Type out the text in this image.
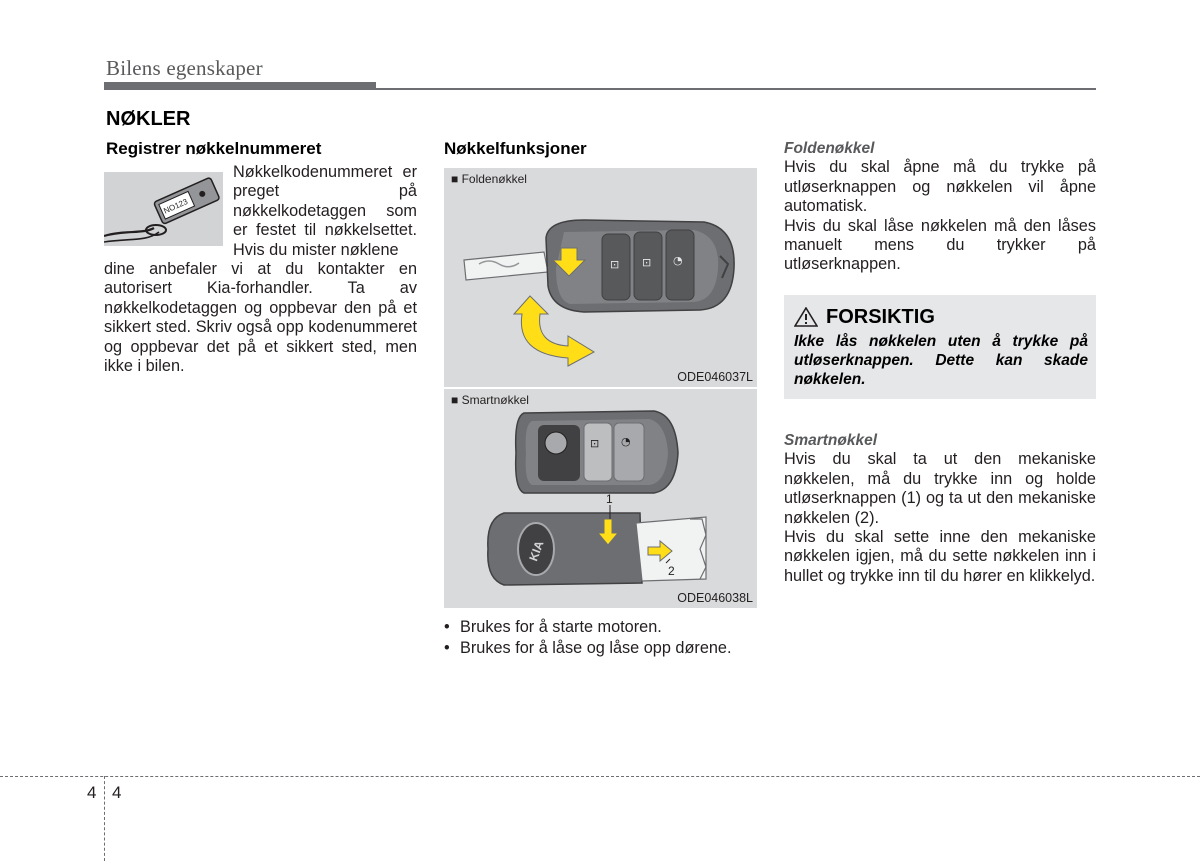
Bilens egenskaper
NØKLER
Registrer nøkkelnummeret
NO123
Nøkkelkodenummeret er preget på nøkkelkodetaggen som er festet til nøkkelsettet. Hvis du mister nøklene
dine anbefaler vi at du kontakter en autorisert Kia-forhandler. Ta av nøkkelkodetaggen og oppbevar den på et sikkert sted. Skriv også opp kodenummeret og oppbevar det på et sikkert sted, men ikke i bilen.
Nøkkelfunksjoner
■ Foldenøkkel
⊡ ⊡ ◔
ODE046037L
■ Smartnøkkel
⊡ ◔
KIA
1
2
ODE046038L
• Brukes for å starte motoren.
• Brukes for å låse og låse opp dørene.
Foldenøkkel
Hvis du skal åpne må du trykke på utløserknappen og nøkkelen vil åpne automatisk.
Hvis du skal låse nøkkelen må den låses manuelt mens du trykker på utløserknappen.
FORSIKTIG
Ikke lås nøkkelen uten å trykke på utløserknappen. Dette kan skade nøkkelen.
Smartnøkkel
Hvis du skal ta ut den mekaniske nøkkelen, må du trykke inn og holde utløserknappen (1) og ta ut den mekaniske nøkkelen (2).
Hvis du skal sette inne den mekaniske nøkkelen igjen, må du sette nøkkelen inn i hullet og trykke inn til du hører en klikkelyd.
4 4
